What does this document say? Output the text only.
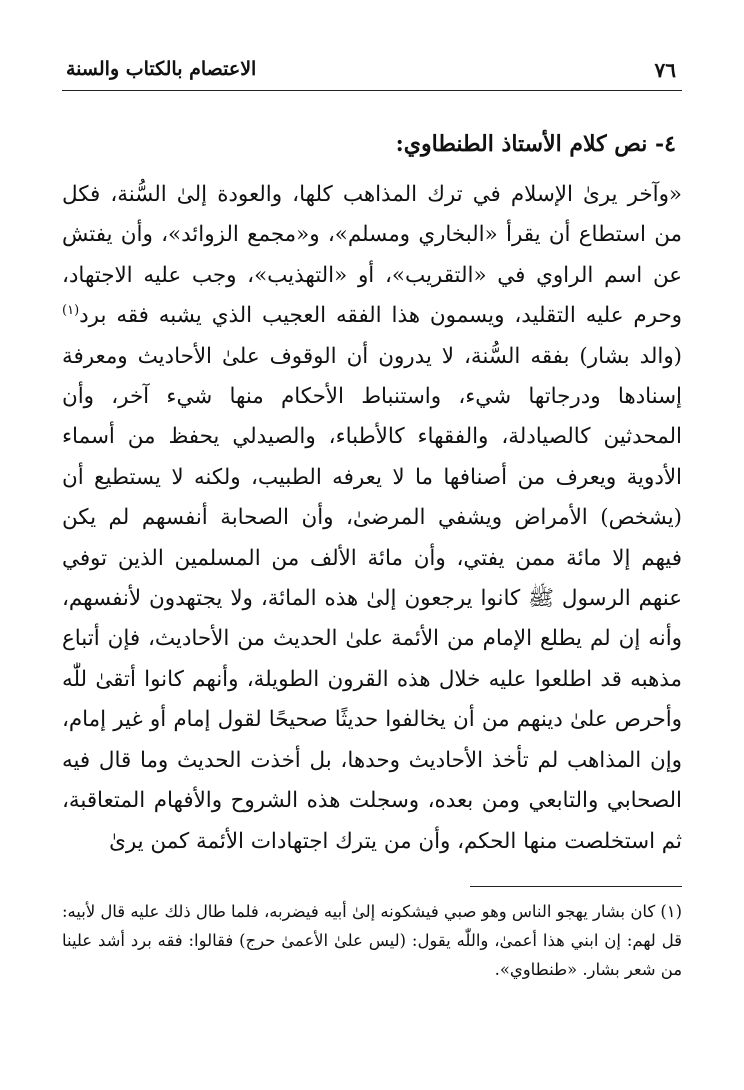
٧٦
الاعتصام بالكتاب والسنة
٤- نص كلام الأستاذ الطنطاوي:

«وآخر يرىٰ الإسلام في ترك المذاهب كلها، والعودة إلىٰ السُّنة، فكل من استطاع أن يقرأ «البخاري ومسلم»، و«مجمع الزوائد»، وأن يفتش عن اسم الراوي في «التقريب»، أو «التهذيب»، وجب عليه الاجتهاد، وحرم عليه التقليد، ويسمون هذا الفقه العجيب الذي يشبه فقه برد$^{(١)}$ (والد بشار) بفقه السُّنة، لا يدرون أن الوقوف علىٰ الأحاديث ومعرفة إسنادها ودرجاتها شيء، واستنباط الأحكام منها شيء آخر، وأن المحدثين كالصيادلة، والفقهاء كالأطباء، والصيدلي يحفظ من أسماء الأدوية ويعرف من أصنافها ما لا يعرفه الطبيب، ولكنه لا يستطيع أن (يشخص) الأمراض ويشفي المرضىٰ، وأن الصحابة أنفسهم لم يكن فيهم إلا مائة ممن يفتي، وأن مائة الألف من المسلمين الذين توفي عنهم الرسول ﷺ كانوا يرجعون إلىٰ هذه المائة، ولا يجتهدون لأنفسهم، وأنه إن لم يطلع الإمام من الأئمة علىٰ الحديث من الأحاديث، فإن أتباع مذهبه قد اطلعوا عليه خلال هذه القرون الطويلة، وأنهم كانوا أتقىٰ للّٰه وأحرص علىٰ دينهم من أن يخالفوا حديثًا صحيحًا لقول إمام أو غير إمام، وإن المذاهب لم تأخذ الأحاديث وحدها، بل أخذت الحديث وما قال فيه الصحابي والتابعي ومن بعده، وسجلت هذه الشروح والأفهام المتعاقبة، ثم استخلصت منها الحكم، وأن من يترك اجتهادات الأئمة كمن يرىٰ

(١) كان بشار يهجو الناس وهو صبي فيشكونه إلىٰ أبيه فيضربه، فلما طال ذلك عليه قال لأبيه: قل لهم: إن ابني هذا أعمىٰ، واللّٰه يقول: (ليس علىٰ الأعمىٰ حرج) فقالوا: فقه برد أشد علينا من شعر بشار. «طنطاوي».
